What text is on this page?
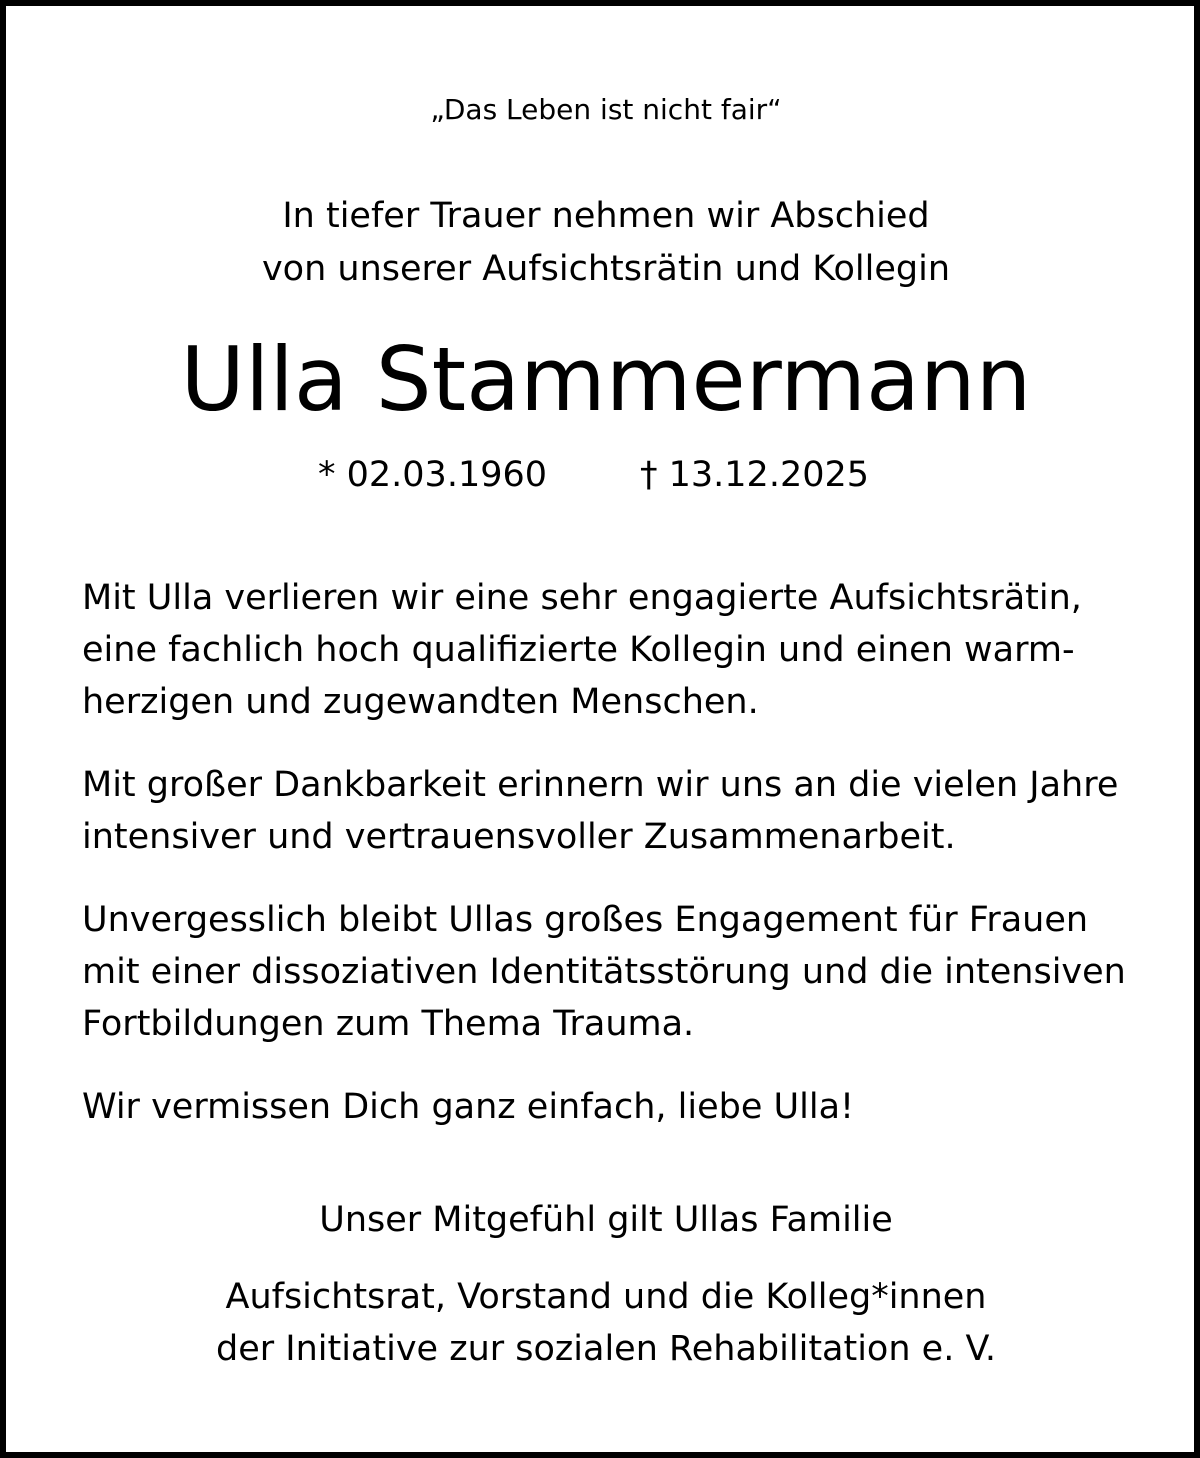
„Das Leben ist nicht fair“
In tiefer Trauer nehmen wir Abschied
von unserer Aufsichtsrätin und Kollegin
Ulla Stammermann
* 02.03.1960	† 13.12.2025
Mit Ulla verlieren wir eine sehr engagierte Aufsichtsrätin,
eine fachlich hoch qualifizierte Kollegin und einen warm-
herzigen und zugewandten Menschen.
Mit großer Dankbarkeit erinnern wir uns an die vielen Jahre
intensiver und vertrauensvoller Zusammenarbeit.
Unvergesslich bleibt Ullas großes Engagement für Frauen
mit einer dissoziativen Identitätsstörung und die intensiven
Fortbildungen zum Thema Trauma.
Wir vermissen Dich ganz einfach, liebe Ulla!
Unser Mitgefühl gilt Ullas Familie
Aufsichtsrat, Vorstand und die Kolleg*innen
der Initiative zur sozialen Rehabilitation e. V.
